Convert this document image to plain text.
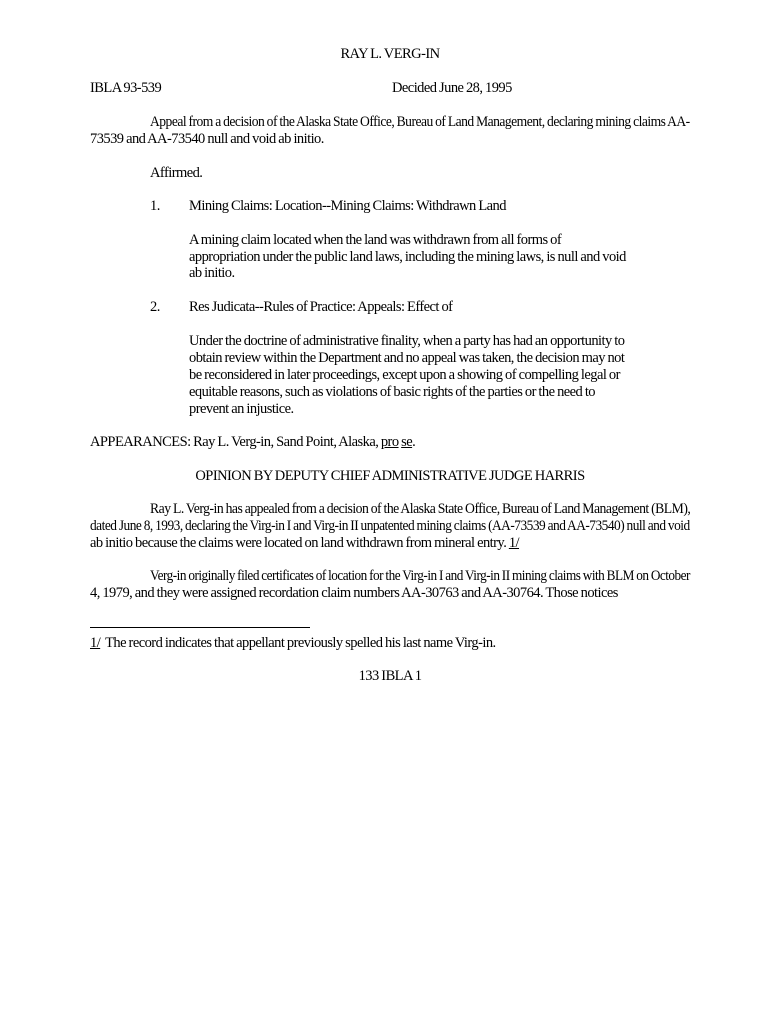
RAY L. VERG-IN
IBLA 93-539	Decided June 28, 1995
Appeal from a decision of the Alaska State Office, Bureau of Land Management, declaring mining claims AA-
73539 and AA-73540 null and void ab initio.
Affirmed.
1. Mining Claims: Location--Mining Claims: Withdrawn Land
A mining claim located when the land was withdrawn from all forms of
appropriation under the public land laws, including the mining laws, is null and void
ab initio.
2. Res Judicata--Rules of Practice: Appeals: Effect of
Under the doctrine of administrative finality, when a party has had an opportunity to
obtain review within the Department and no appeal was taken, the decision may not
be reconsidered in later proceedings, except upon a showing of compelling legal or
equitable reasons, such as violations of basic rights of the parties or the need to
prevent an injustice.
APPEARANCES: Ray L. Verg-in, Sand Point, Alaska, pro se.
OPINION BY DEPUTY CHIEF ADMINISTRATIVE JUDGE HARRIS
Ray L. Verg-in has appealed from a decision of the Alaska State Office, Bureau of Land Management (BLM),
dated June 8, 1993, declaring the Virg-in I and Virg-in II unpatented mining claims (AA-73539 and AA-73540) null and void
ab initio because the claims were located on land withdrawn from mineral entry. 1/
Verg-in originally filed certificates of location for the Virg-in I and Virg-in II mining claims with BLM on October
4, 1979, and they were assigned recordation claim numbers AA-30763 and AA-30764. Those notices
1/ The record indicates that appellant previously spelled his last name Virg-in.
133 IBLA 1
